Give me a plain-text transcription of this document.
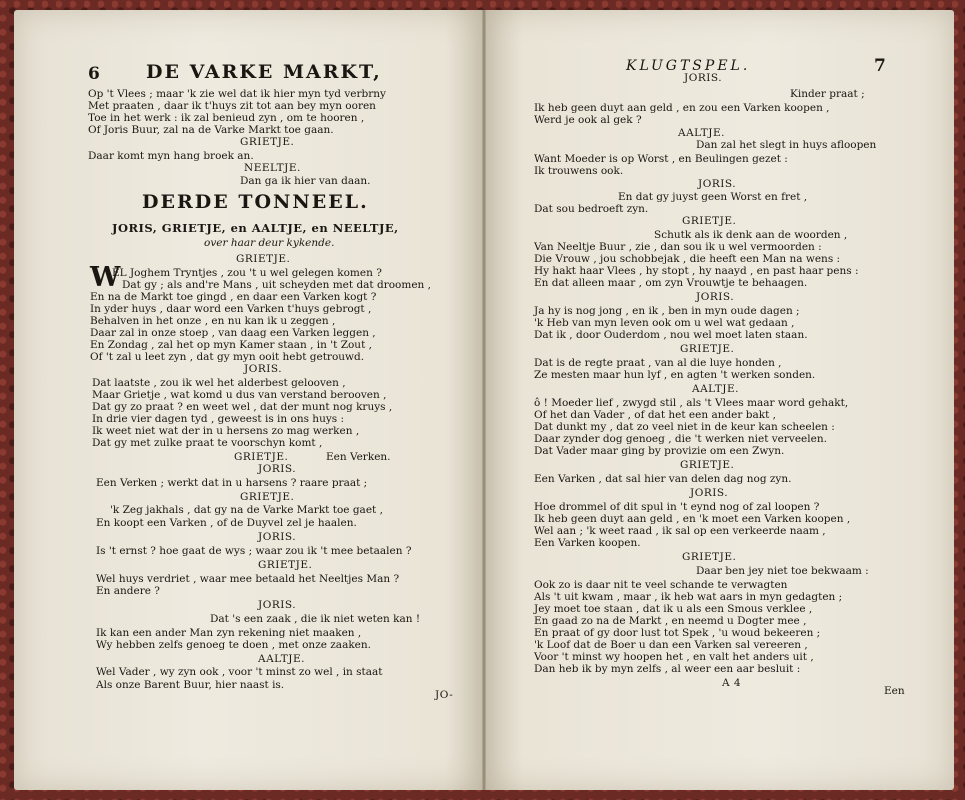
6 DE VARKE MARKT,
Op 't Vlees ; maar 'k zie wel dat ik hier myn tyd verbrny
Met praaten , daar ik t'huys zit tot aan bey myn ooren
Toe in het werk : ik zal benieud zyn , om te hooren ,
Of Joris Buur, zal na de Varke Markt toe gaan.
GRIETJE.
Daar komt myn hang broek an.
NEELTJE.
Dan ga ik hier van daan.
DERDE TONNEEL.
JORIS, GRIETJE, en AALTJE, en NEELTJE,
over haar deur kykende.
GRIETJE.
EL Joghem Tryntjes , zou 't u wel gelegen komen ?
Dat gy ; als and're Mans , uit scheyden met dat droomen ,
En na de Markt toe gingd , en daar een Varken kogt ?
In yder huys , daar word een Varken t'huys gebrogt ,
Behalven in het onze , en nu kan ik u zeggen ,
Daar zal in onze stoep , van daag een Varken leggen ,
En Zondag , zal het op myn Kamer staan , in 't Zout ,
Of 't zal u leet zyn , dat gy myn ooit hebt getrouwd.
JORIS.
Dat laatste , zou ik wel het alderbest gelooven ,
Maar Grietje , wat komd u dus van verstand berooven ,
Dat gy zo praat ? en weet wel , dat der munt nog kruys ,
In drie vier dagen tyd , geweest is in ons huys :
Ik weet niet wat der in u hersens zo mag werken ,
Dat gy met zulke praat te voorschyn komt ,
GRIETJE.	Een Verken.
JORIS.
Een Verken ; werkt dat in u harsens ? raare praat ;
GRIETJE.
'k Zeg jakhals , dat gy na de Varke Markt toe gaet ,
En koopt een Varken , of de Duyvel zel je haalen.
JORIS.
Is 't ernst ? hoe gaat de wys ; waar zou ik 't mee betaalen ?
GRIETJE.
Wel huys verdriet , waar mee betaald het Neeltjes Man ?
En andere ?
JORIS.
Dat 's een zaak , die ik niet weten kan !
Ik kan een ander Man zyn rekening niet maaken ,
Wy hebben zelfs genoeg te doen , met onze zaaken.
AALTJE.
Wel Vader , wy zyn ook , voor 't minst zo wel , in staat
Als onze Barent Buur, hier naast is.
JO-
W
KLUGTSPEL.	7
JORIS.
Kinder praat ;
Ik heb geen duyt aan geld , en zou een Varken koopen ,
Werd je ook al gek ?
AALTJE.
Dan zal het slegt in huys afloopen
Want Moeder is op Worst , en Beulingen gezet :
Ik trouwens ook.
JORIS.
En dat gy juyst geen Worst en fret ,
Dat sou bedroeft zyn.
GRIETJE.
Schutk als ik denk aan de woorden ,
Van Neeltje Buur , zie , dan sou ik u wel vermoorden :
Die Vrouw , jou schobbejak , die heeft een Man na wens :
Hy hakt haar Vlees , hy stopt , hy naayd , en past haar pens :
En dat alleen maar , om zyn Vrouwtje te behaagen.
JORIS.
Ja hy is nog jong , en ik , ben in myn oude dagen ;
'k Heb van myn leven ook om u wel wat gedaan ,
Dat ik , door Ouderdom , nou wel moet laten staan.
GRIETJE.
Dat is de regte praat , van al die luye honden ,
Ze mesten maar hun lyf , en agten 't werken sonden.
AALTJE.
ô ! Moeder lief , zwygd stil , als 't Vlees maar word gehakt,
Of het dan Vader , of dat het een ander bakt ,
Dat dunkt my , dat zo veel niet in de keur kan scheelen :
Daar zynder dog genoeg , die 't werken niet verveelen.
Dat Vader maar ging by provizie om een Zwyn.
GRIETJE.
Een Varken , dat sal hier van delen dag nog zyn.
JORIS.
Hoe drommel of dit spul in 't eynd nog of zal loopen ?
Ik heb geen duyt aan geld , en 'k moet een Varken koopen ,
Wel aan ; 'k weet raad , ik sal op een verkeerde naam ,
Een Varken koopen.
GRIETJE.
Daar ben jey niet toe bekwaam :
Ook zo is daar nit te veel schande te verwagten
Als 't uit kwam , maar , ik heb wat aars in myn gedagten ;
Jey moet toe staan , dat ik u als een Smous verklee ,
En gaad zo na de Markt , en neemd u Dogter mee ,
En praat of gy door lust tot Spek , 'u woud bekeeren ;
'k Loof dat de Boer u dan een Varken sal vereeren ,
Voor 't minst wy hoopen het , en valt het anders uit ,
Dan heb ik by myn zelfs , al weer een aar besluit :
A 4
Een
